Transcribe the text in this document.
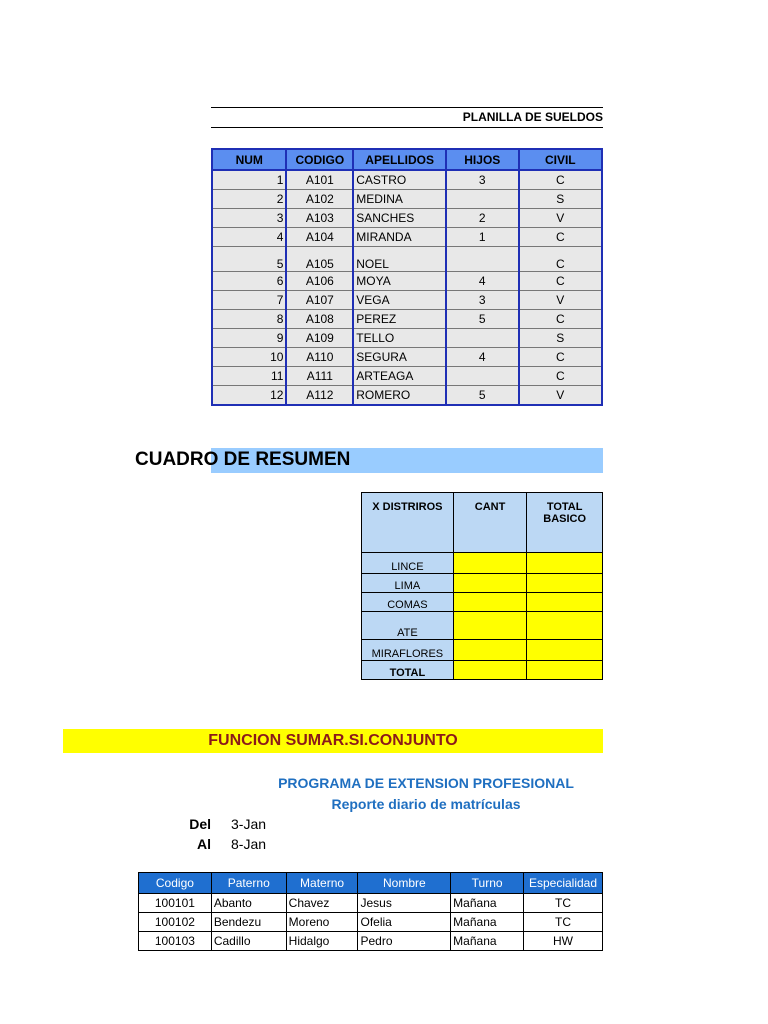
PLANILLA DE SUELDOS
NUM	CODIGO	APELLIDOS	HIJOS	CIVIL
1	A101	CASTRO	3	C
2	A102	MEDINA		S
3	A103	SANCHES	2	V
4	A104	MIRANDA	1	C
5	A105	NOEL		C
6	A106	MOYA	4	C
7	A107	VEGA	3	V
8	A108	PEREZ	5	C
9	A109	TELLO		S
10	A110	SEGURA	4	C
11	A111	ARTEAGA		C
12	A112	ROMERO	5	V
CUADRO DE RESUMEN
X DISTRIROS	CANT	TOTAL BASICO
LINCE		
LIMA		
COMAS		
ATE		
MIRAFLORES		
TOTAL		
FUNCION SUMAR.SI.CONJUNTO
PROGRAMA DE EXTENSION PROFESIONAL
Reporte diario de matrículas
Del 3-Jan
Al 8-Jan
Codigo	Paterno	Materno	Nombre	Turno	Especialidad
100101	Abanto	Chavez	Jesus	Mañana	TC
100102	Bendezu	Moreno	Ofelia	Mañana	TC
100103	Cadillo	Hidalgo	Pedro	Mañana	HW
